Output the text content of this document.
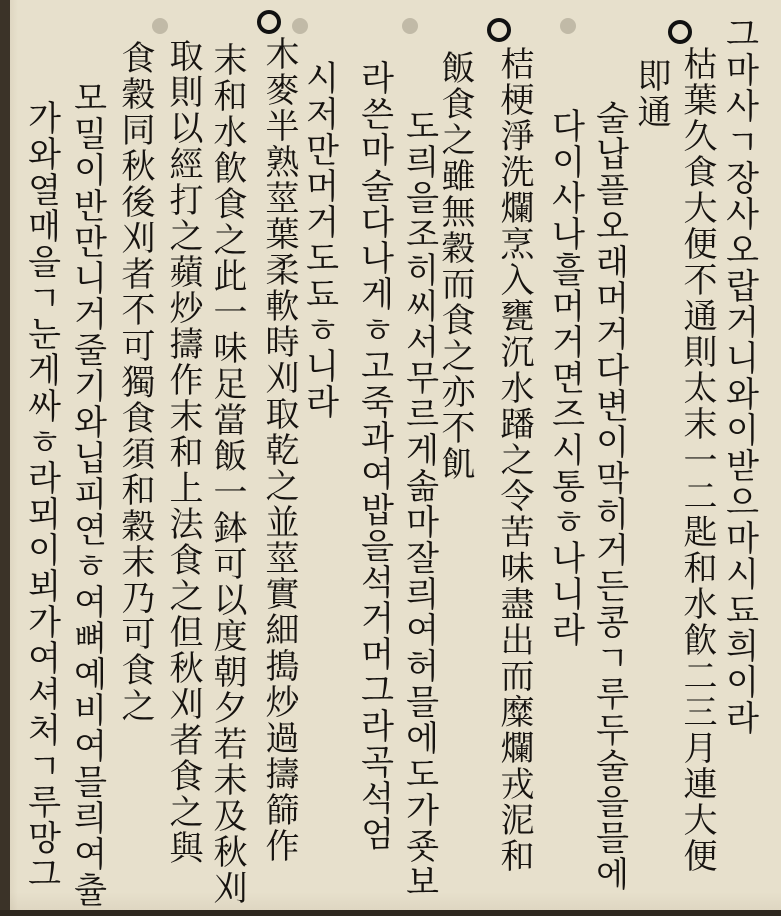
그마사ㄱ장사오랍거니와이받으마시됴희이라
枯葉久食大便不通則太末一二匙和水飮二三月連大便
即通
술납플오래머거다변이막히거든콩ㄱ루두술을믈에
다이사나흘머거면즈시통ㅎ나니라
桔梗淨洗爛烹入甕沉水蹯之令苦味盡出而糜爛戎泥和
飯食之雖無穀而食之亦不飢
도릐을조히씨서무르게솖마잘릐여허믈에도가죳보
라쓴마술다나게ㅎ고죽과여밥을석거머그라곡석엄
시저만머거도됴ㅎ니라
木麥半熟莖葉柔軟時刈取乾之並莖實細搗炒過擣篩作
末和水飮食之此一味足當飯一鉢可以度朝夕若未及秋刈
取則以經打之蘋炒擣作末和上法食之但秋刈者食之與
食穀同秋後刈者不可獨食須和穀末乃可食之
모밀이반만니거줄기와닙피연ㅎ여뼈예비여믈릐여츌
가와열매을ㄱ눈게싸ㅎ라뫼이뵈가여셔처ㄱ루망그
